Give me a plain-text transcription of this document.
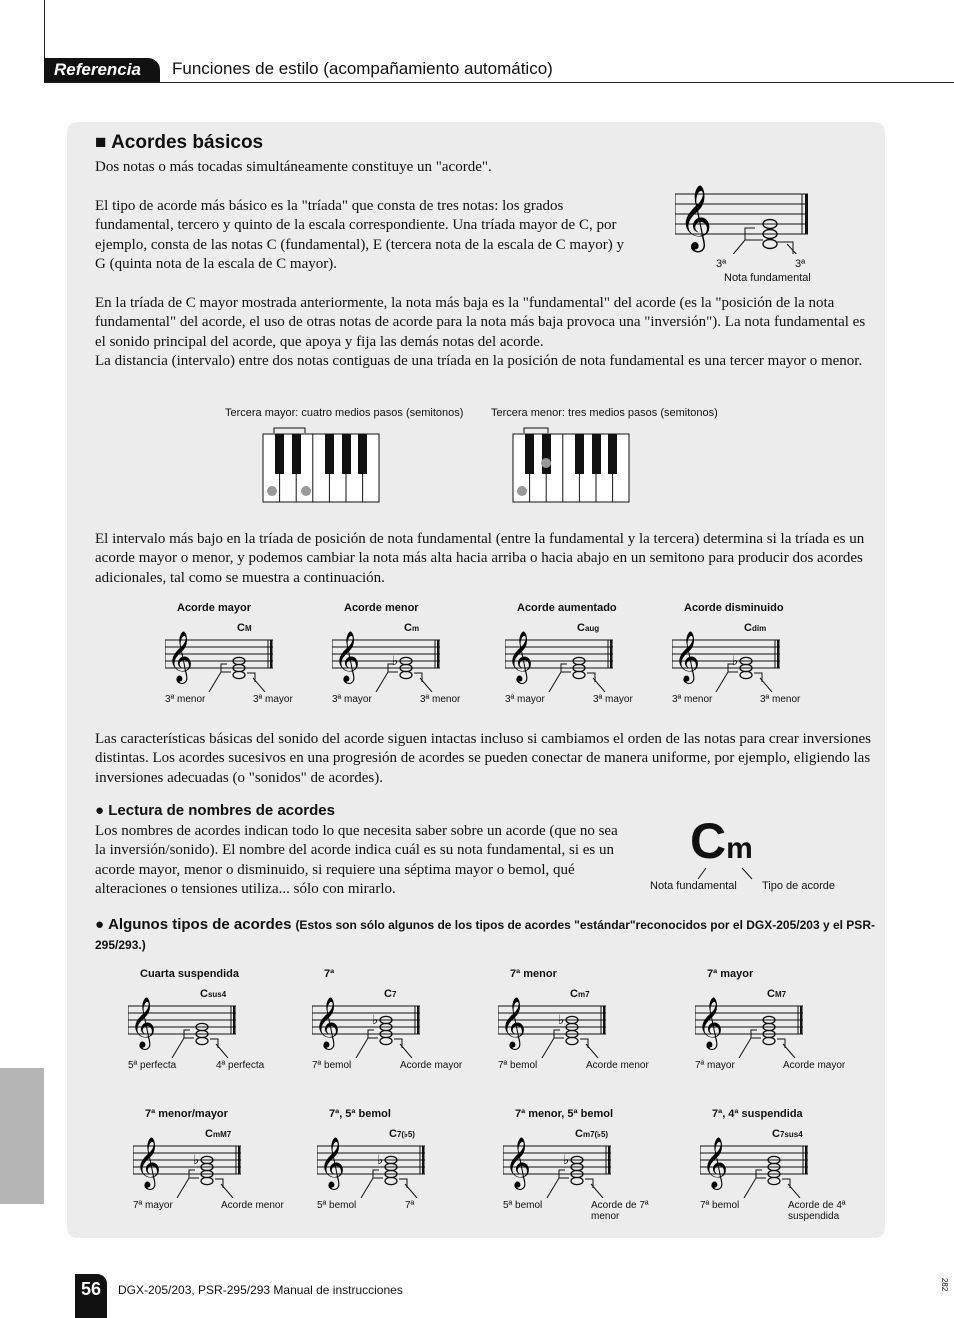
Referencia	Funciones de estilo (acompañamiento automático)
■ Acordes básicos
Dos notas o más tocadas simultáneamente constituye un "acorde".
El tipo de acorde más básico es la "tríada" que consta de tres notas: los grados fundamental, tercero y quinto de la escala correspondiente. Una tríada mayor de C, por ejemplo, consta de las notas C (fundamental), E (tercera nota de la escala de C mayor) y G (quinta nota de la escala de C mayor).
𝄞
3ª	3ª
Nota fundamental
En la tríada de C mayor mostrada anteriormente, la nota más baja es la "fundamental" del acorde (es la "posición de la nota fundamental" del acorde, el uso de otras notas de acorde para la nota más baja provoca una "inversión"). La nota fundamental es el sonido principal del acorde, que apoya y fija las demás notas del acorde.
La distancia (intervalo) entre dos notas contiguas de una tríada en la posición de nota fundamental es una tercer mayor o menor.
Tercera mayor: cuatro medios pasos (semitonos)	Tercera menor: tres medios pasos (semitonos)
El intervalo más bajo en la tríada de posición de nota fundamental (entre la fundamental y la tercera) determina si la tríada es un acorde mayor o menor, y podemos cambiar la nota más alta hacia arriba o hacia abajo en un semitono para producir dos acordes adicionales, tal como se muestra a continuación.
Las características básicas del sonido del acorde siguen intactas incluso si cambiamos el orden de las notas para crear inversiones distintas. Los acordes sucesivos en una progresión de acordes se pueden conectar de manera uniforme, por ejemplo, eligiendo las inversiones adecuadas (o "sonidos" de acordes).
● Lectura de nombres de acordes
Los nombres de acordes indican todo lo que necesita saber sobre un acorde (que no sea la inversión/sonido). El nombre del acorde indica cuál es su nota fundamental, si es un acorde mayor, menor o disminuido, si requiere una séptima mayor o bemol, qué alteraciones o tensiones utiliza... sólo con mirarlo.
Cm
Nota fundamental Tipo de acorde
● Algunos tipos de acordes (Estos son sólo algunos de los tipos de acordes "estándar"reconocidos por el DGX-205/203 y el PSR-295/293.)
56	DGX-205/203, PSR-295/293 Manual de instrucciones	282
Acorde mayor
CM
𝄞
3ª menor	3ª mayor
Acorde menor
Cm
𝄞 ♭
3ª mayor	3ª menor
Acorde aumentado
Caug
𝄞
3ª mayor	3ª mayor
Acorde disminuido
Cdim
𝄞 ♭
3ª menor	3ª menor
Cuarta suspendida
Csus4
𝄞
5ª perfecta	4ª perfecta
7ª
C7
𝄞 ♭
7ª bemol	Acorde mayor
7ª menor
Cm7
𝄞 ♭
7ª bemol	Acorde menor
7ª mayor
CM7
𝄞
7ª mayor	Acorde mayor
7ª menor/mayor
CmM7
𝄞 ♭
7ª mayor	Acorde menor
7ª, 5ª bemol
C7(♭5)
𝄞 ♭
5ª bemol	7ª
7ª menor, 5ª bemol
Cm7(♭5)
𝄞 ♭
5ª bemol	Acorde de 7ª menor
7ª, 4ª suspendida
C7sus4
𝄞
7ª bemol	Acorde de 4ª suspendida
